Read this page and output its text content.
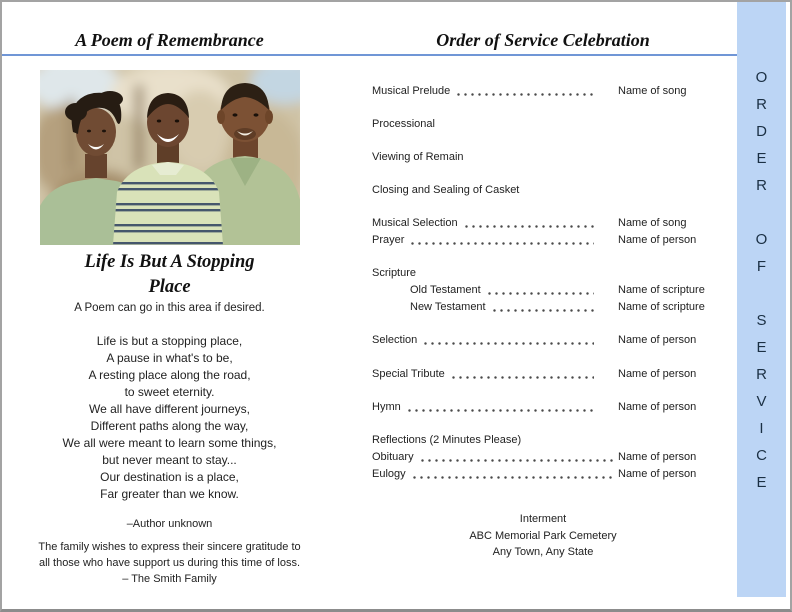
A Poem of Remembrance	Order of Service Celebration
O
R
D
E
R
O
F
S
E
R
V
I
C
E
Life Is But A Stopping
Place
A Poem can go in this area if desired.
Life is but a stopping place,
A pause in what's to be,
A resting place along the road,
to sweet eternity.
We all have different journeys,
Different paths along the way,
We all were meant to learn some things,
but never meant to stay...
Our destination is a place,
Far greater than we know.
–Author unknown
The family wishes to express their sincere gratitude to
all those who have support us during this time of loss.
– The Smith Family
Musical Prelude	Name of song
Processional
Viewing of Remain
Closing and Sealing of Casket
Musical Selection	Name of song
Prayer	Name of person
Scripture
Old Testament	Name of scripture
New Testament	Name of scripture
Selection	Name of person
Special Tribute	Name of person
Hymn	Name of person
Reflections (2 Minutes Please)
Obituary	Name of person
Eulogy	Name of person
Interment
ABC Memorial Park Cemetery
Any Town, Any State
